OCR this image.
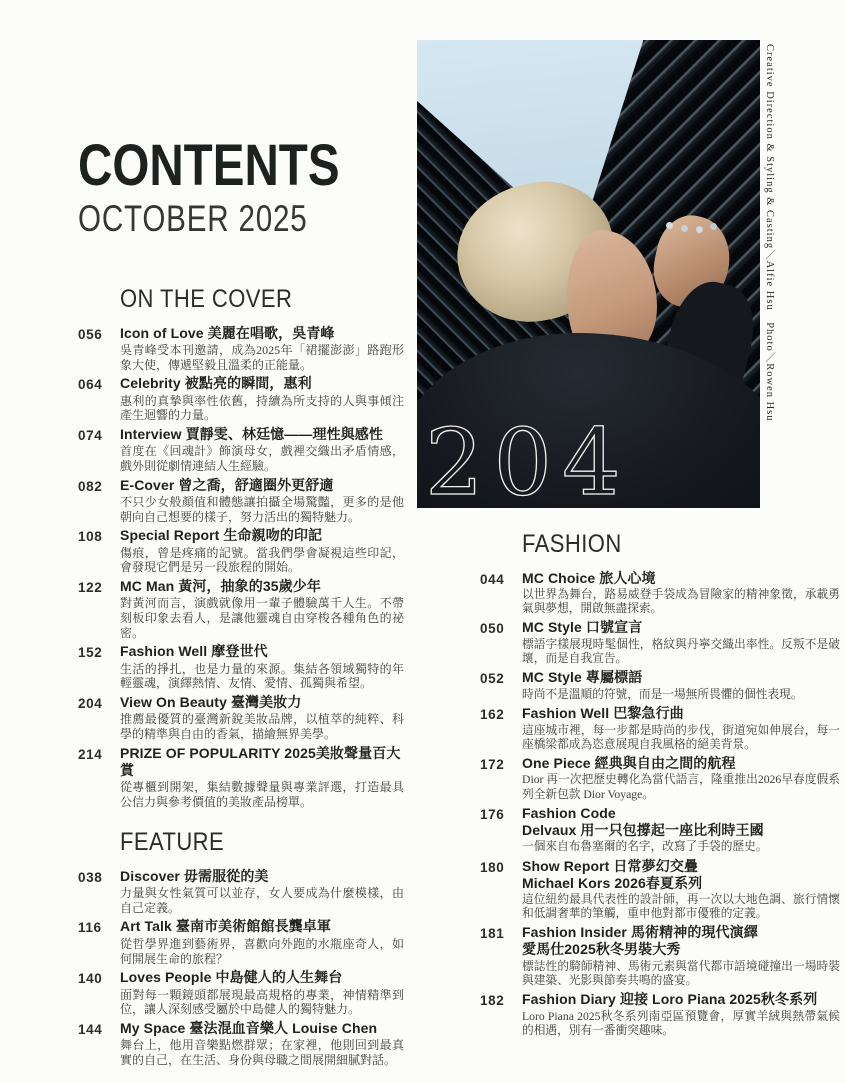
CONTENTS
OCTOBER 2025
204
Creative Direction & Styling & Casting／Alfie Hsu　Photo／Rowen Hsu
ON THE COVER
056	Icon of Love 美麗在唱歌，吳青峰
吳青峰受本刊邀請，成為2025年「裙擺澎澎」路跑形象大使，傳遞堅毅且溫柔的正能量。
064	Celebrity 被點亮的瞬間，惠利
惠利的真摯與率性依舊，持續為所支持的人與事傾注產生迴響的力量。
074	Interview 賈靜雯、林廷憶——理性與感性
首度在《回魂計》飾演母女，戲裡交織出矛盾情感，戲外則從劇情連結人生經驗。
082	E-Cover 曾之喬，舒適圈外更舒適
不只少女般顏值和體態讓拍攝全場驚豔，更多的是他朝向自己想要的樣子，努力活出的獨特魅力。
108	Special Report 生命親吻的印記
傷痕，曾是疼痛的記號。當我們學會凝視這些印記，會發現它們是另一段旅程的開始。
122	MC Man 黃河，抽象的35歲少年
對黃河而言，演戲就像用一輩子體驗萬千人生。不帶刻板印象去看人，是讓他靈魂自由穿梭各種角色的祕密。
152	Fashion Well 摩登世代
生活的掙扎，也是力量的來源。集結各領域獨特的年輕靈魂，演繹熱情、友情、愛情、孤獨與希望。
204	View On Beauty 臺灣美妝力
推薦最優質的臺灣新銳美妝品牌，以植萃的純粹、科學的精準與自由的香氣，描繪無界美學。
214	PRIZE OF POPULARITY 2025美妝聲量百大賞
從專櫃到開架，集結數據聲量與專業評選，打造最具公信力與參考價值的美妝產品榜單。
FEATURE
038	Discover 毋需服從的美
力量與女性氣質可以並存，女人要成為什麼模樣，由自己定義。
116	Art Talk 臺南市美術館館長龔卓軍
從哲學界進到藝術界，喜歡向外跑的水瓶座奇人，如何開展生命的旅程？
140	Loves People 中島健人的人生舞台
面對每一顆鏡頭都展現最高規格的專業，神情精準到位，讓人深刻感受屬於中島健人的獨特魅力。
144	My Space 臺法混血音樂人 Louise Chen
舞台上，他用音樂點燃群眾；在家裡，他則回到最真實的自己，在生活、身份與母職之間展開細膩對話。
FASHION
044	MC Choice 旅人心境
以世界為舞台，路易威登手袋成為冒險家的精神象徵，承載勇氣與夢想，開啟無盡探索。
050	MC Style 口號宣言
標語字樣展現時髦個性，格紋與丹寧交織出率性。反叛不是破壞，而是自我宣告。
052	MC Style 專屬標語
時尚不是溫順的符號，而是一場無所畏懼的個性表現。
162	Fashion Well 巴黎急行曲
這座城市裡，每一步都是時尚的步伐，街道宛如伸展台，每一座橋梁都成為恣意展現自我風格的絕美背景。
172	One Piece 經典與自由之間的航程
Dior 再一次把歷史轉化為當代語言，隆重推出2026早春度假系列全新包款 Dior Voyage。
176	Fashion Code
Delvaux 用一只包撐起一座比利時王國
一個來自布魯塞爾的名字，改寫了手袋的歷史。
180	Show Report 日常夢幻交疊
Michael Kors 2026春夏系列
這位紐約最具代表性的設計師，再一次以大地色調、旅行情懷和低調奢華的筆觸，重申他對都市優雅的定義。
181	Fashion Insider 馬術精神的現代演繹
愛馬仕2025秋冬男裝大秀
標誌性的騎師精神、馬術元素與當代都市語境碰撞出一場時裝與建築、光影與節奏共鳴的盛宴。
182	Fashion Diary 迎接 Loro Piana 2025秋冬系列
Loro Piana 2025秋冬系列南亞區預覽會，厚實羊絨與熱帶氣候的相遇，別有一番衝突趣味。
